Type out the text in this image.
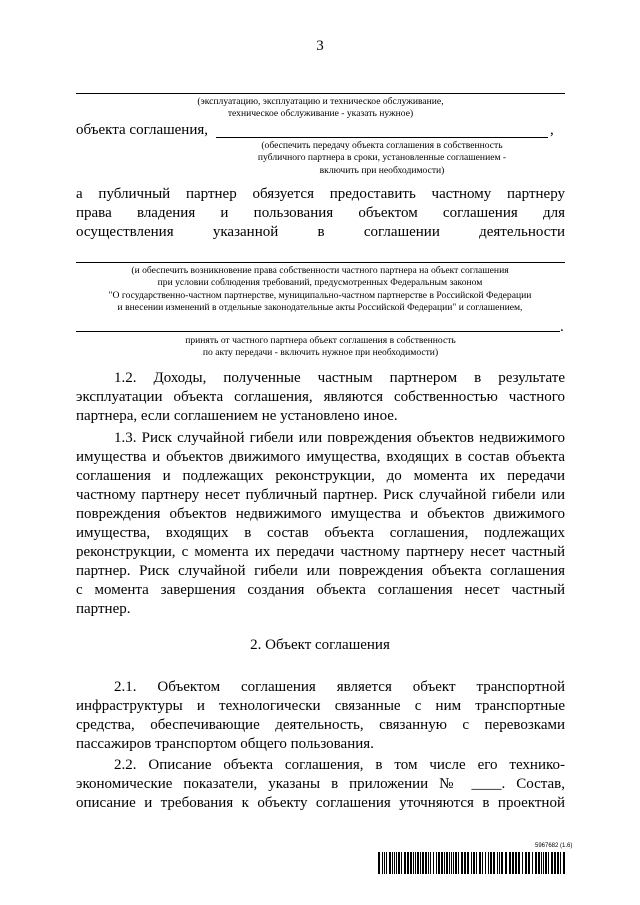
3
(эксплуатацию, эксплуатацию и техническое обслуживание,
техническое обслуживание - указать нужное)
объекта соглашения,	,
(обеспечить передачу объекта соглашения в собственность
публичного партнера в сроки, установленные соглашением -
включить при необходимости)
а публичный партнер обязуется предоставить частному партнеру
права владения и пользования объектом соглашения для
осуществления указанной в соглашении деятельности
(и обеспечить возникновение права собственности частного партнера на объект соглашения
при условии соблюдения требований, предусмотренных Федеральным законом
"О государственно-частном партнерстве, муниципально-частном партнерстве в Российской Федерации
и внесении изменений в отдельные законодательные акты Российской Федерации" и соглашением,
.
принять от частного партнера объект соглашения в собственность
по акту передачи - включить нужное при необходимости)
1.2. Доходы, полученные частным партнером в результате
эксплуатации объекта соглашения, являются собственностью частного
партнера, если соглашением не установлено иное.
1.3. Риск случайной гибели или повреждения объектов недвижимого
имущества и объектов движимого имущества, входящих в состав объекта
соглашения и подлежащих реконструкции, до момента их передачи
частному партнеру несет публичный партнер. Риск случайной гибели или
повреждения объектов недвижимого имущества и объектов движимого
имущества, входящих в состав объекта соглашения, подлежащих
реконструкции, с момента их передачи частному партнеру несет частный
партнер. Риск случайной гибели или повреждения объекта соглашения
с момента завершения создания объекта соглашения несет частный
партнер.
2. Объект соглашения
2.1. Объектом соглашения является объект транспортной
инфраструктуры и технологически связанные с ним транспортные
средства, обеспечивающие деятельность, связанную с перевозками
пассажиров транспортом общего пользования.
2.2. Описание объекта соглашения, в том числе его технико-
экономические показатели, указаны в приложении № ____. Состав,
описание и требования к объекту соглашения уточняются в проектной
5967682 (1.6)
